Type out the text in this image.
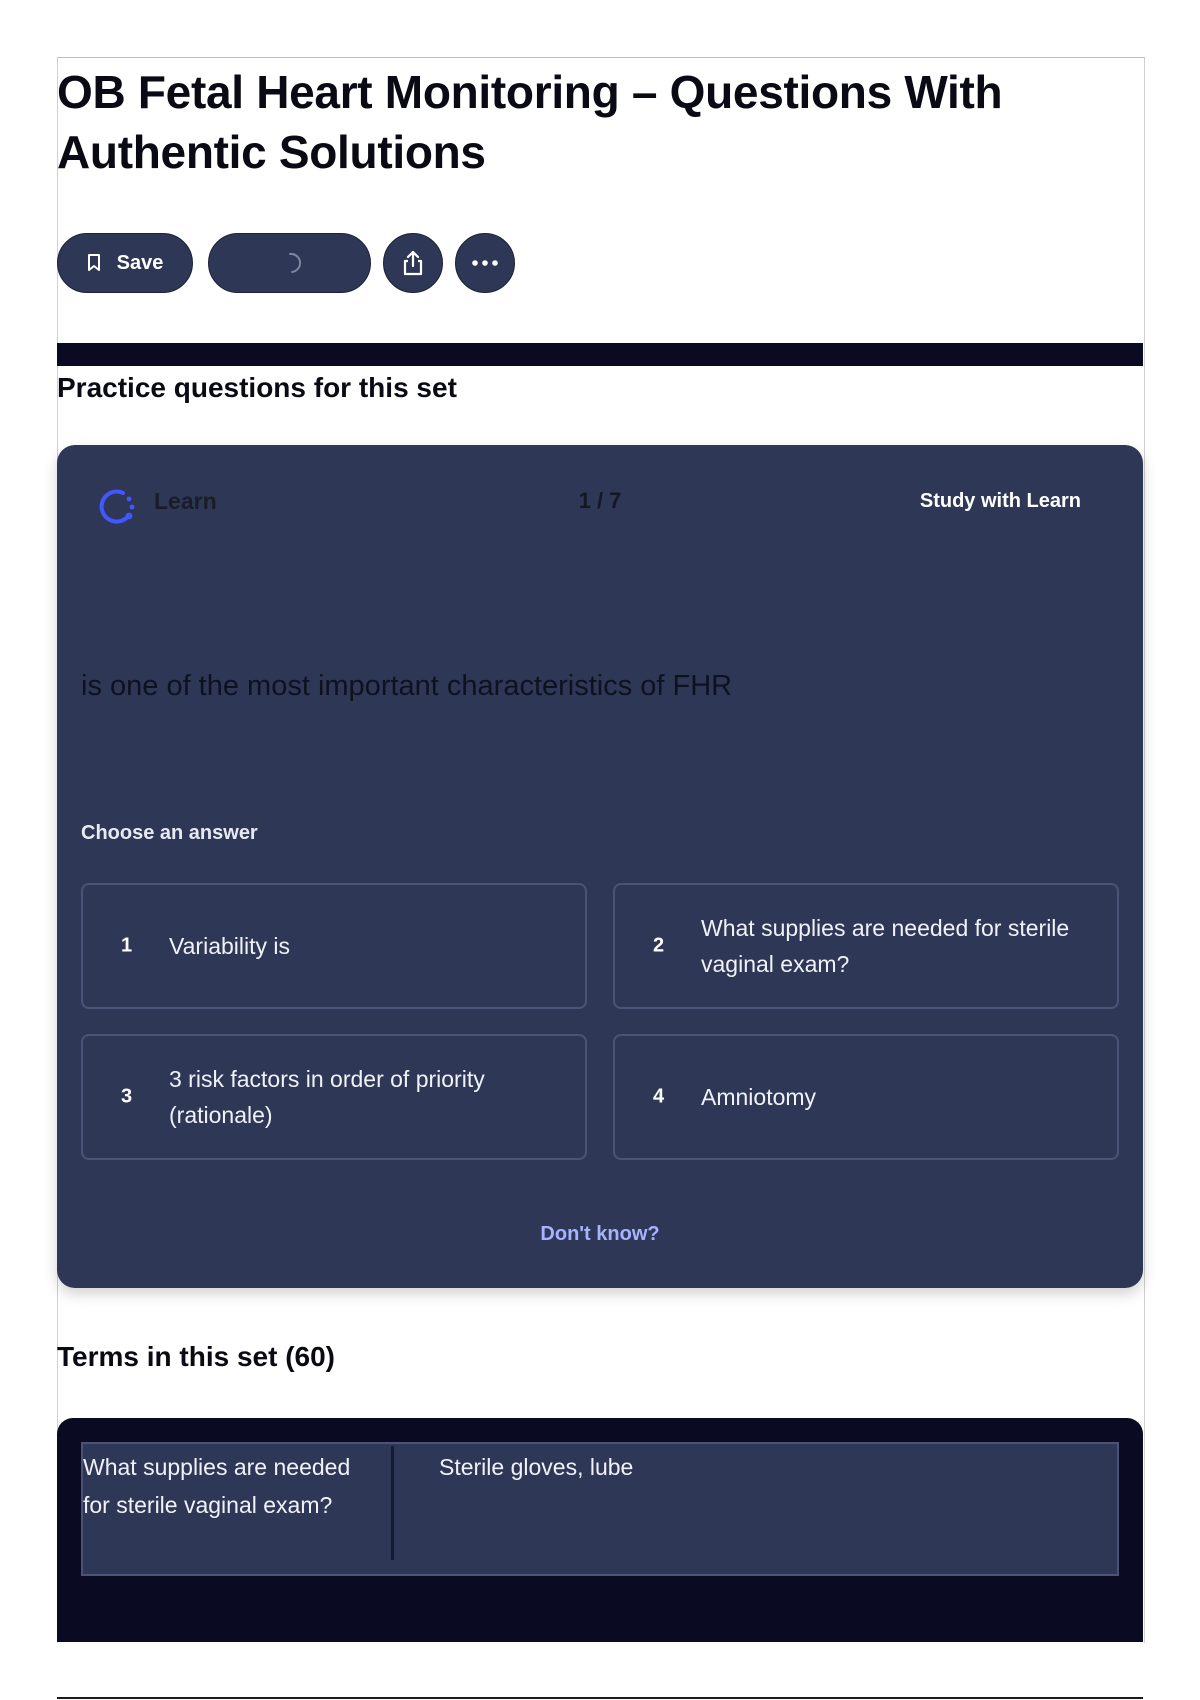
OB Fetal Heart Monitoring – Questions With Authentic Solutions
Save
Practice questions for this set
Learn	1 / 7	Study with Learn
is one of the most important characteristics of FHR
Choose an answer
1 Variability is	2
What supplies are needed for sterile vaginal exam?
3
3 risk factors in order of priority (rationale)
4 Amniotomy
Don't know?
Terms in this set (60)
What supplies are needed for sterile vaginal exam?
Sterile gloves, lube
